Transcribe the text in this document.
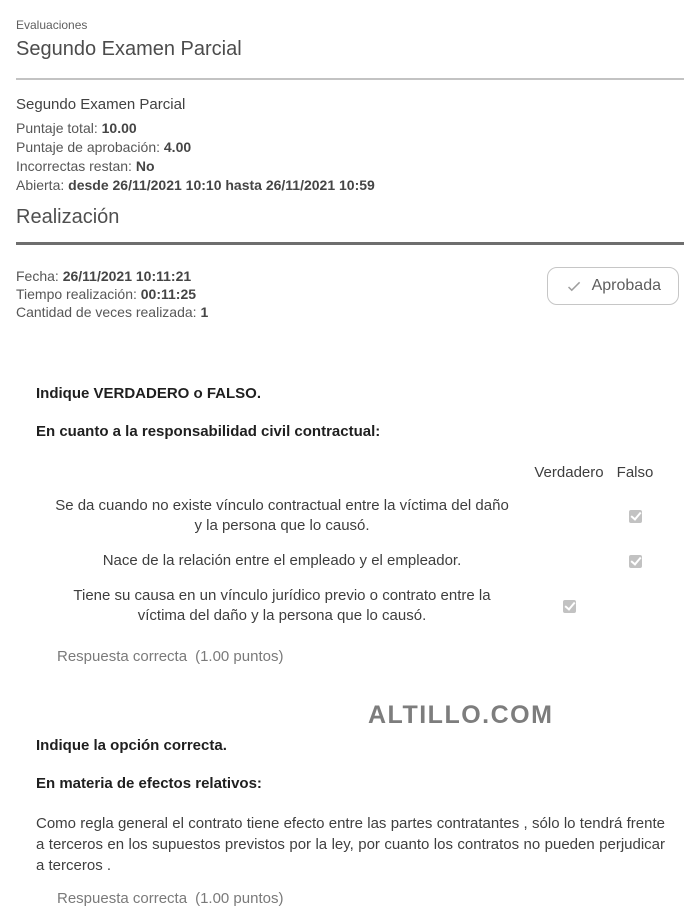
Evaluaciones
Segundo Examen Parcial
Segundo Examen Parcial
Puntaje total: 10.00
Puntaje de aprobación: 4.00
Incorrectas restan: No
Abierta: desde 26/11/2021 10:10 hasta 26/11/2021 10:59
Realización
Fecha: 26/11/2021 10:11:21
Tiempo realización: 00:11:25
Cantidad de veces realizada: 1
Aprobada
Indique VERDADERO o FALSO.
En cuanto a la responsabilidad civil contractual:
Verdadero Falso
Se da cuando no existe vínculo contractual entre la víctima del daño y la persona que lo causó.
Nace de la relación entre el empleado y el empleador.
Tiene su causa en un vínculo jurídico previo o contrato entre la víctima del daño y la persona que lo causó.
Respuesta correcta (1.00 puntos)
ALTILLO.COM
Indique la opción correcta.
En materia de efectos relativos:
Como regla general el contrato tiene efecto entre las partes contratantes , sólo lo tendrá frente a terceros en los supuestos previstos por la ley, por cuanto los contratos no pueden perjudicar a terceros .
Respuesta correcta (1.00 puntos)
